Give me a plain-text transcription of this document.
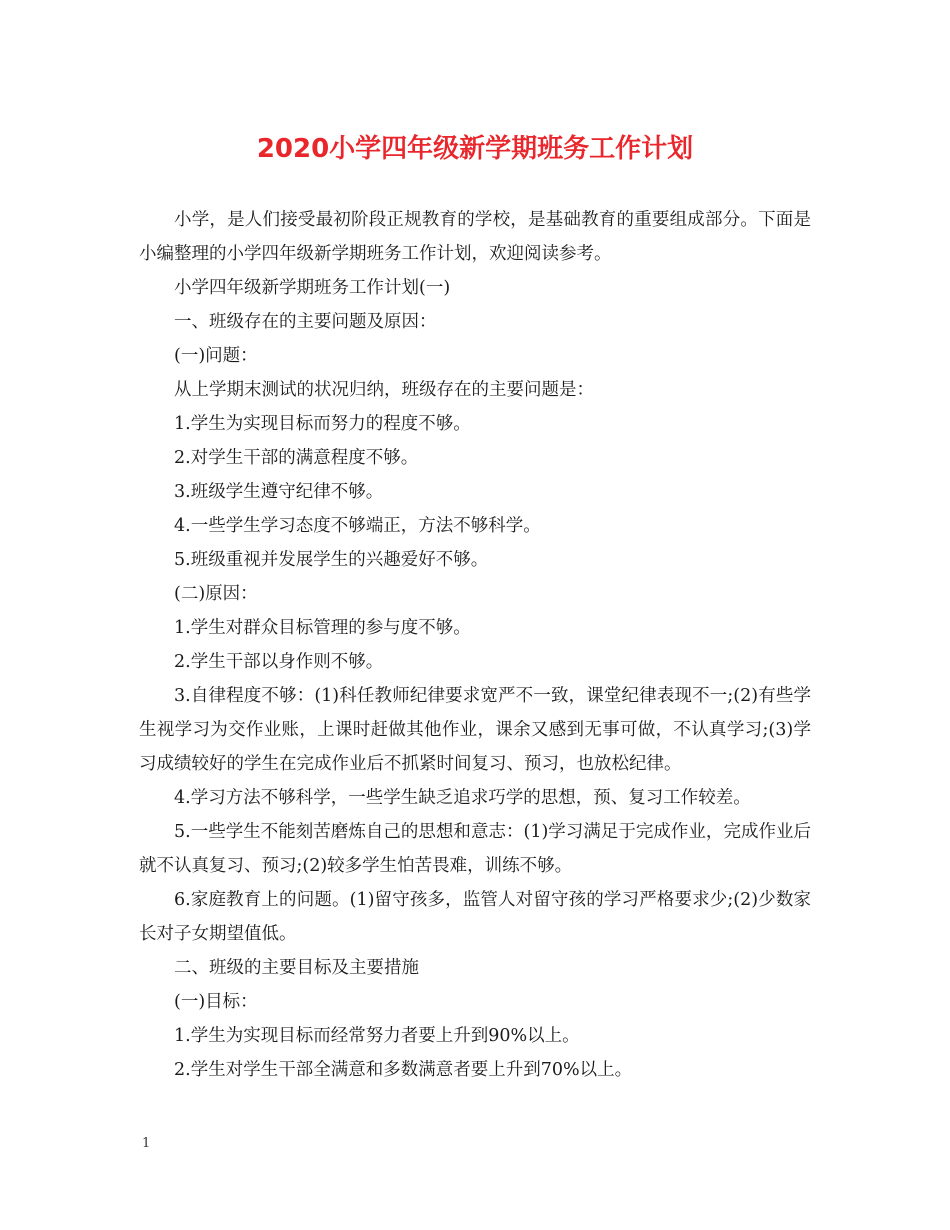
2020小学四年级新学期班务工作计划

小学，是人们接受最初阶段正规教育的学校，是基础教育的重要组成部分。下面是小编整理的小学四年级新学期班务工作计划，欢迎阅读参考。

小学四年级新学期班务工作计划(一)

一、班级存在的主要问题及原因：

(一)问题：

从上学期末测试的状况归纳，班级存在的主要问题是：

1.学生为实现目标而努力的程度不够。

2.对学生干部的满意程度不够。

3.班级学生遵守纪律不够。

4.一些学生学习态度不够端正，方法不够科学。

5.班级重视并发展学生的兴趣爱好不够。

(二)原因：

1.学生对群众目标管理的参与度不够。

2.学生干部以身作则不够。

3.自律程度不够：(1)科任教师纪律要求宽严不一致，课堂纪律表现不一;(2)有些学生视学习为交作业账，上课时赶做其他作业，课余又感到无事可做，不认真学习;(3)学习成绩较好的学生在完成作业后不抓紧时间复习、预习，也放松纪律。

4.学习方法不够科学，一些学生缺乏追求巧学的思想，预、复习工作较差。

5.一些学生不能刻苦磨炼自己的思想和意志：(1)学习满足于完成作业，完成作业后就不认真复习、预习;(2)较多学生怕苦畏难，训练不够。

6.家庭教育上的问题。(1)留守孩多，监管人对留守孩的学习严格要求少;(2)少数家长对子女期望值低。

二、班级的主要目标及主要措施

(一)目标：

1.学生为实现目标而经常努力者要上升到90%以上。

2.学生对学生干部全满意和多数满意者要上升到70%以上。

1
